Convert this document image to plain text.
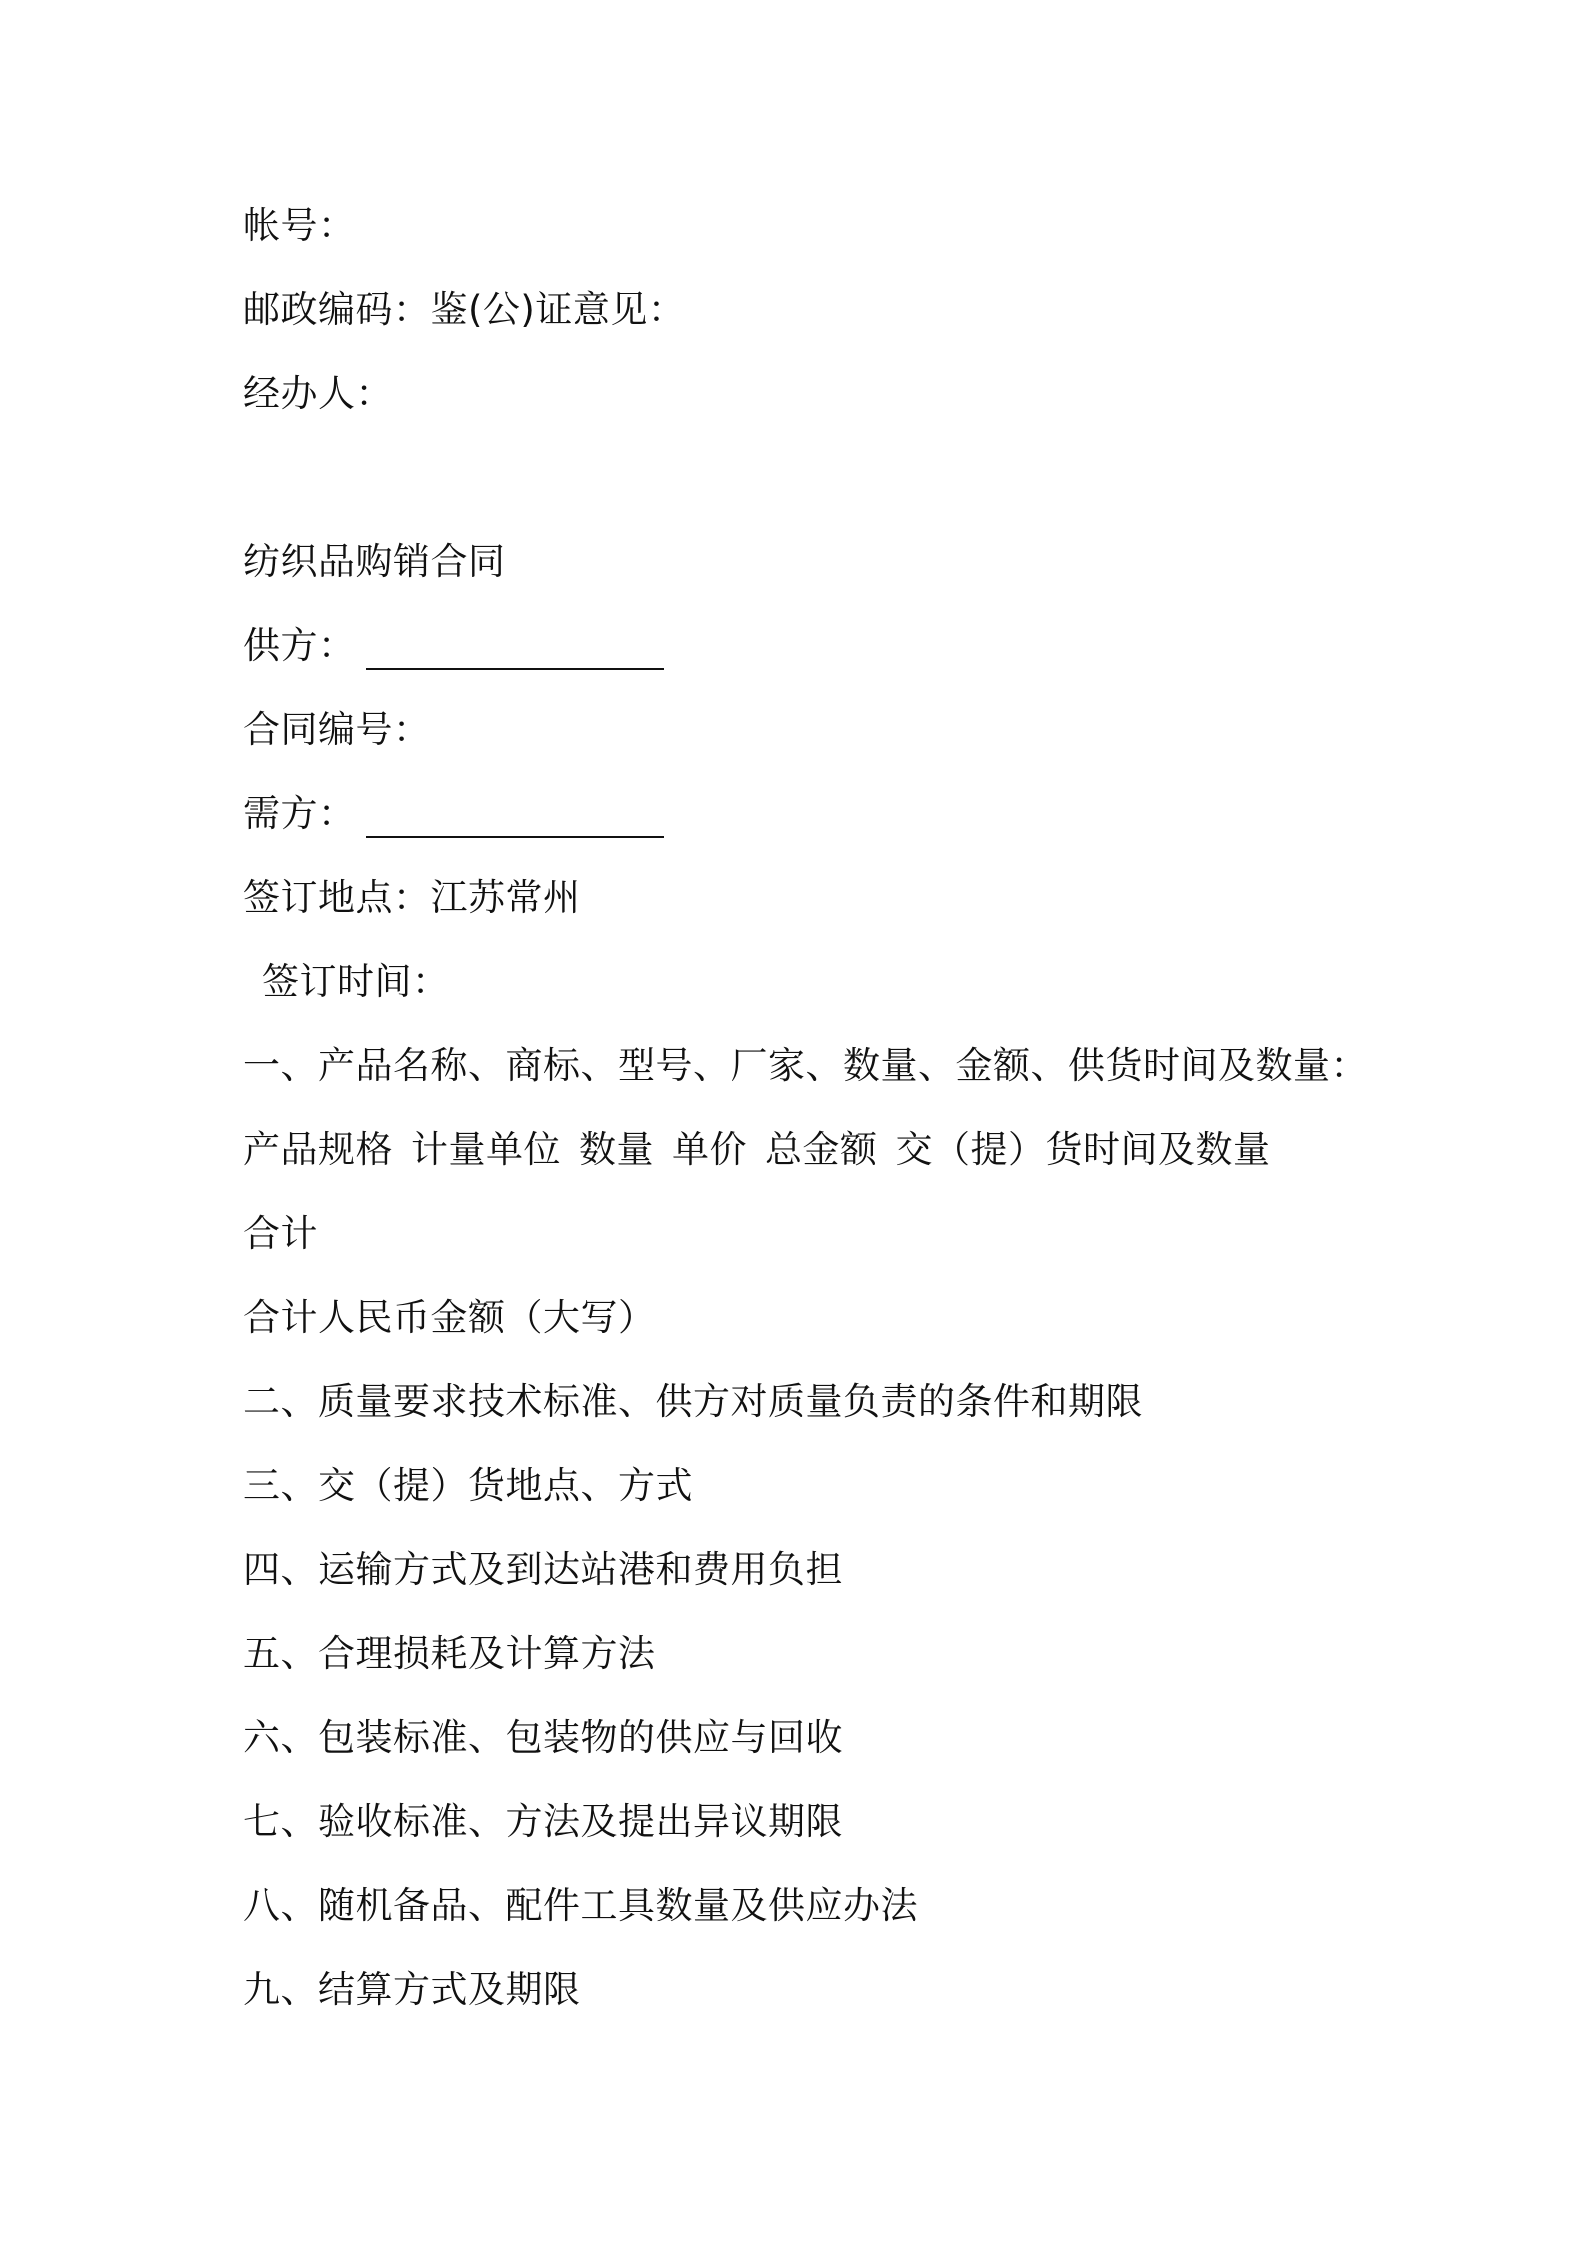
帐号：
邮政编码：鉴(公)证意见：
经办人：
纺织品购销合同
供方：
合同编号：
需方：
签订地点：江苏常州
签订时间：
一、产品名称、商标、型号、厂家、数量、金额、供货时间及数量：
产品规格 计量单位 数量 单价 总金额 交（提）货时间及数量
合计
合计人民币金额（大写）
二、质量要求技术标准、供方对质量负责的条件和期限
三、交（提）货地点、方式
四、运输方式及到达站港和费用负担
五、合理损耗及计算方法
六、包装标准、包装物的供应与回收
七、验收标准、方法及提出异议期限
八、随机备品、配件工具数量及供应办法
九、结算方式及期限
